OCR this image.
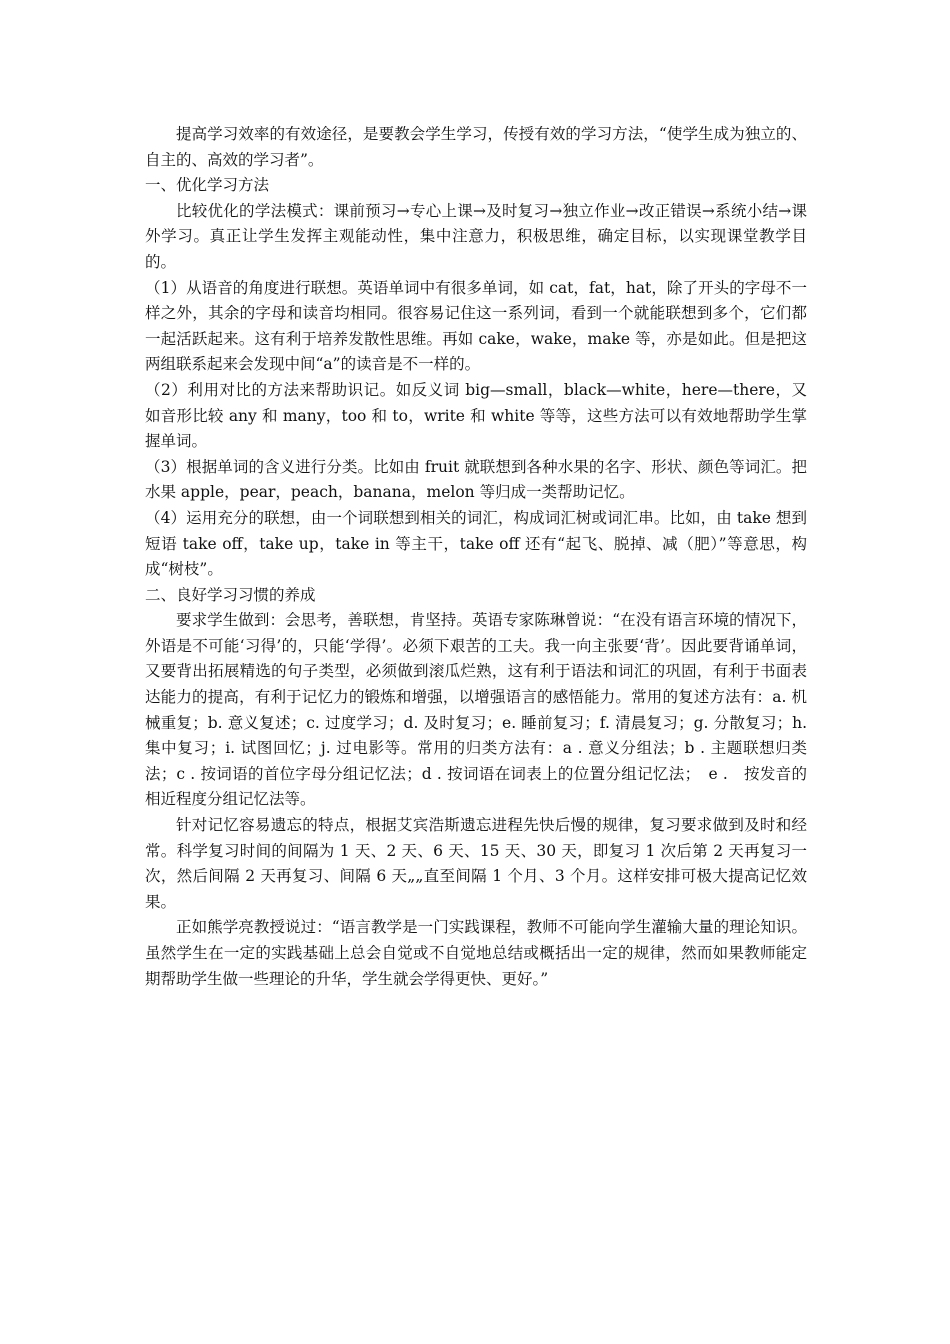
提高学习效率的有效途径，是要教会学生学习，传授有效的学习方法，“使学生成为独立的、自主的、高效的学习者”。

一、优化学习方法

比较优化的学法模式：课前预习→专心上课→及时复习→独立作业→改正错误→系统小结→课外学习。真正让学生发挥主观能动性，集中注意力，积极思维，确定目标，以实现课堂教学目的。

（1）从语音的角度进行联想。英语单词中有很多单词，如 cat，fat，hat，除了开头的字母不一样之外，其余的字母和读音均相同。很容易记住这一系列词，看到一个就能联想到多个，它们都一起活跃起来。这有利于培养发散性思维。再如 cake，wake，make 等，亦是如此。但是把这两组联系起来会发现中间“a”的读音是不一样的。

（2）利用对比的方法来帮助识记。如反义词 big—small，black—white，here—there，又如音形比较 any 和 many，too 和 to，write 和 white 等等，这些方法可以有效地帮助学生掌握单词。

（3）根据单词的含义进行分类。比如由 fruit 就联想到各种水果的名字、形状、颜色等词汇。把水果 apple，pear，peach，banana，melon 等归成一类帮助记忆。

（4）运用充分的联想，由一个词联想到相关的词汇，构成词汇树或词汇串。比如，由 take 想到短语 take off，take up，take in 等主干，take off 还有“起飞、脱掉、减（肥）”等意思，构成“树枝”。

二、良好学习习惯的养成

要求学生做到：会思考，善联想，肯坚持。英语专家陈琳曾说：“在没有语言环境的情况下，外语是不可能‘习得’的，只能‘学得’。必须下艰苦的工夫。我一向主张要‘背’。因此要背诵单词，又要背出拓展精选的句子类型，必须做到滚瓜烂熟，这有利于语法和词汇的巩固，有利于书面表达能力的提高，有利于记忆力的锻炼和增强，以增强语言的感悟能力。常用的复述方法有：a. 机械重复；b. 意义复述；c. 过度学习；d. 及时复习；e. 睡前复习；f. 清晨复习；g. 分散复习；h. 集中复习；i. 试图回忆；j. 过电影等。常用的归类方法有：a . 意义分组法；b . 主题联想归类法；c . 按词语的首位字母分组记忆法；d . 按词语在词表上的位置分组记忆法；　e .　按发音的相近程度分组记忆法等。

针对记忆容易遗忘的特点，根据艾宾浩斯遗忘进程先快后慢的规律，复习要求做到及时和经常。科学复习时间的间隔为 1 天、2 天、6 天、15 天、30 天，即复习 1 次后第 2 天再复习一次，然后间隔 2 天再复习、间隔 6 天„„直至间隔 1 个月、3 个月。这样安排可极大提高记忆效果。

正如熊学亮教授说过：“语言教学是一门实践课程，教师不可能向学生灌输大量的理论知识。虽然学生在一定的实践基础上总会自觉或不自觉地总结或概括出一定的规律，然而如果教师能定期帮助学生做一些理论的升华，学生就会学得更快、更好。”
